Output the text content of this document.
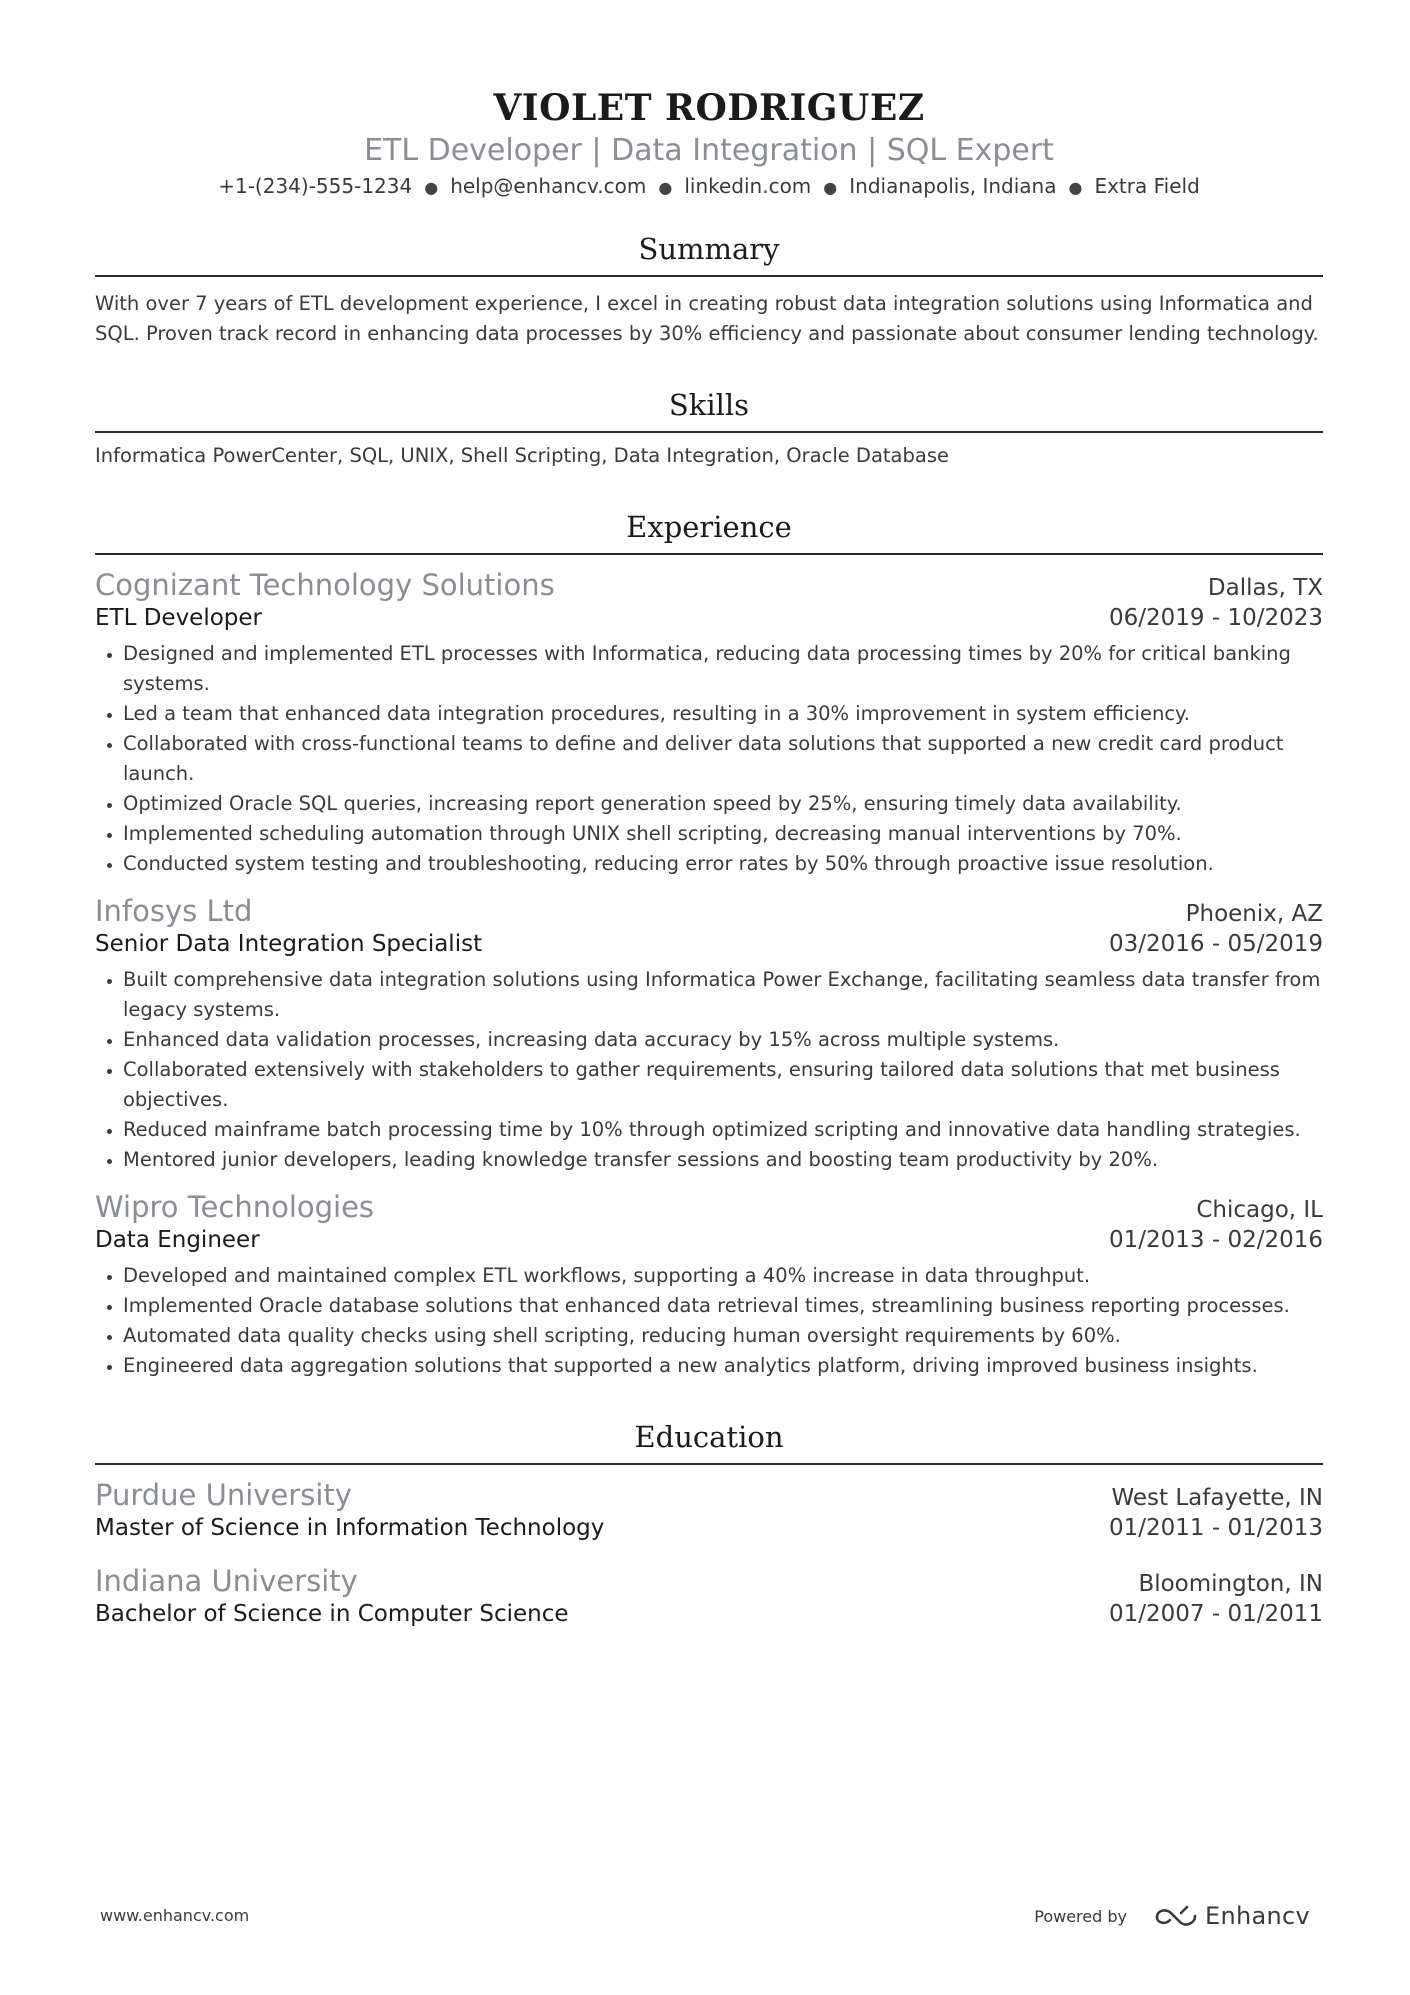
VIOLET RODRIGUEZ
ETL Developer | Data Integration | SQL Expert
+1-(234)-555-1234 ● help@enhancv.com ● linkedin.com ● Indianapolis, Indiana ● Extra Field
Summary
With over 7 years of ETL development experience, I excel in creating robust data integration solutions using Informatica and SQL. Proven track record in enhancing data processes by 30% efficiency and passionate about consumer lending technology.
Skills
Informatica PowerCenter, SQL, UNIX, Shell Scripting, Data Integration, Oracle Database
Experience
Cognizant Technology Solutions	Dallas, TX
ETL Developer	06/2019 - 10/2023
• Designed and implemented ETL processes with Informatica, reducing data processing times by 20% for critical banking systems.
• Led a team that enhanced data integration procedures, resulting in a 30% improvement in system efficiency.
• Collaborated with cross-functional teams to define and deliver data solutions that supported a new credit card product launch.
• Optimized Oracle SQL queries, increasing report generation speed by 25%, ensuring timely data availability.
• Implemented scheduling automation through UNIX shell scripting, decreasing manual interventions by 70%.
• Conducted system testing and troubleshooting, reducing error rates by 50% through proactive issue resolution.
Infosys Ltd	Phoenix, AZ
Senior Data Integration Specialist	03/2016 - 05/2019
• Built comprehensive data integration solutions using Informatica Power Exchange, facilitating seamless data transfer from legacy systems.
• Enhanced data validation processes, increasing data accuracy by 15% across multiple systems.
• Collaborated extensively with stakeholders to gather requirements, ensuring tailored data solutions that met business objectives.
• Reduced mainframe batch processing time by 10% through optimized scripting and innovative data handling strategies.
• Mentored junior developers, leading knowledge transfer sessions and boosting team productivity by 20%.
Wipro Technologies	Chicago, IL
Data Engineer	01/2013 - 02/2016
• Developed and maintained complex ETL workflows, supporting a 40% increase in data throughput.
• Implemented Oracle database solutions that enhanced data retrieval times, streamlining business reporting processes.
• Automated data quality checks using shell scripting, reducing human oversight requirements by 60%.
• Engineered data aggregation solutions that supported a new analytics platform, driving improved business insights.
Education
Purdue University	West Lafayette, IN
Master of Science in Information Technology	01/2011 - 01/2013
Indiana University	Bloomington, IN
Bachelor of Science in Computer Science	01/2007 - 01/2011
www.enhancv.com	Powered by	Enhancv
